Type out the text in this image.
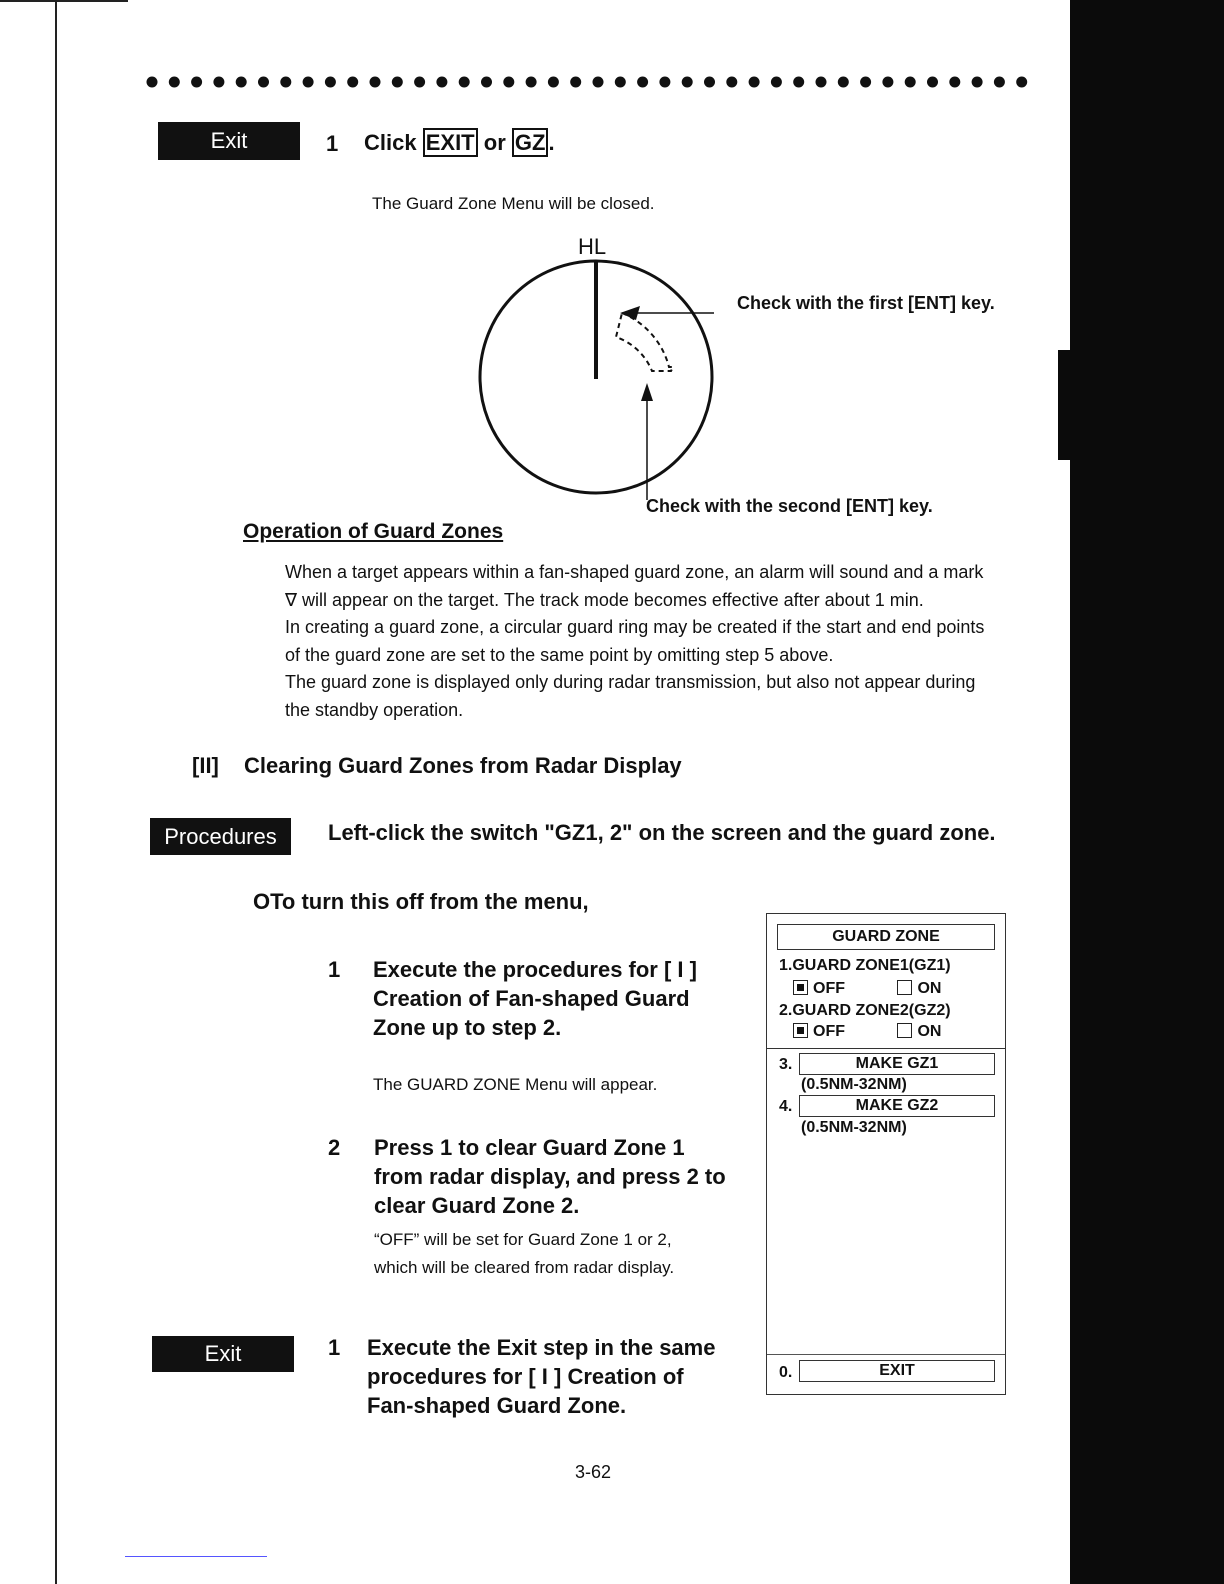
Exit	1 Click EXIT or GZ .
The Guard Zone Menu will be closed.
HL
Check with the first [ENT] key.
Check with the second [ENT] key.
Operation of Guard Zones
When a target appears within a fan-shaped guard zone, an alarm will sound and a mark
∇ will appear on the target. The track mode becomes effective after about 1 min.
In creating a guard zone, a circular guard ring may be created if the start and end points
of the guard zone are set to the same point by omitting step 5 above.
The guard zone is displayed only during radar transmission, but also not appear during
the standby operation.
[II] Clearing Guard Zones from Radar Display
Procedures	Left-click the switch "GZ1, 2" on the screen and the guard zone.
OTo turn this off from the menu,
1 Execute the procedures for [ I ]
Creation of Fan-shaped Guard
Zone up to step 2.
The GUARD ZONE Menu will appear.
2 Press 1 to clear Guard Zone 1
from radar display, and press 2 to
clear Guard Zone 2.
“OFF” will be set for Guard Zone 1 or 2,
which will be cleared from radar display.
Exit	1 Execute the Exit step in the same
procedures for [ I ] Creation of
Fan-shaped Guard Zone.
GUARD ZONE
1.GUARD ZONE1(GZ1)
OFF	ON
2.GUARD ZONE2(GZ2)
OFF	ON
3.	MAKE GZ1
(0.5NM-32NM)
4.	MAKE GZ2
(0.5NM-32NM)
0.	EXIT
3-62
